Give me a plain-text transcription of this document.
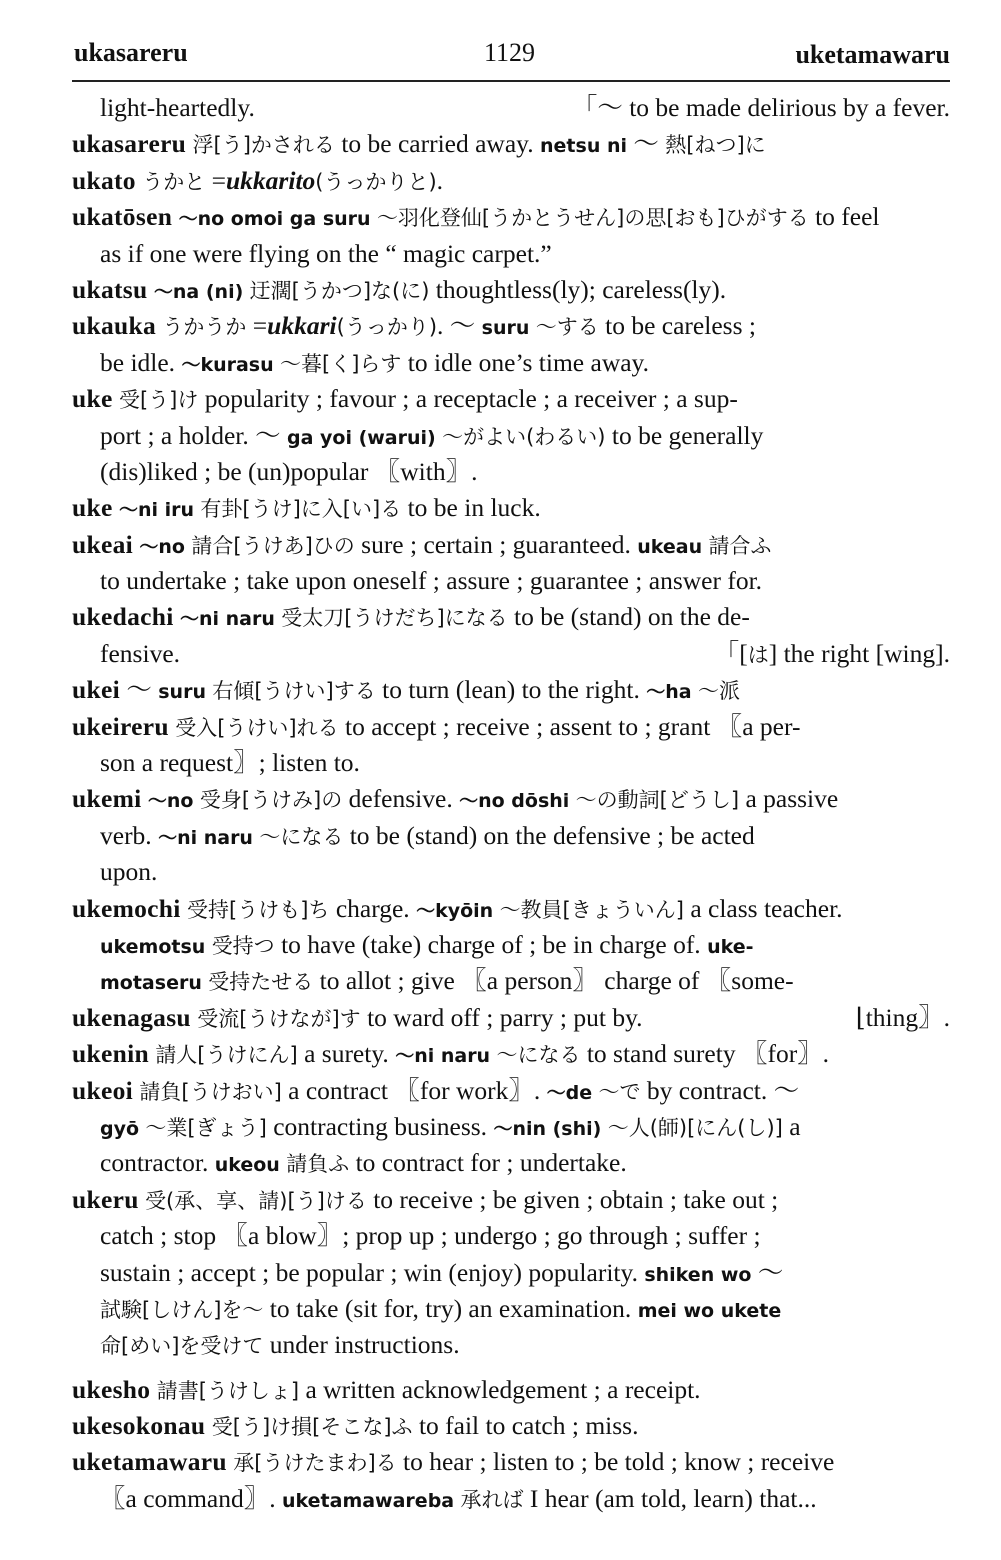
ukasareru	1129	uketamawaru
light-heartedly.	「〜 to be made delirious by a fever.
ukasareru 浮[う]かされる to be carried away. netsu ni 〜 熱[ねつ]に
ukato うかと =ukkarito(うっかりと).
ukatōsen 〜no omoi ga suru 〜羽化登仙[うかとうせん]の思[おも]ひがする to feel
as if one were flying on the “ magic carpet.”
ukatsu 〜na (ni) 迂濶[うかつ]な(に) thoughtless(ly); careless(ly).
ukauka うかうか =ukkari(うっかり). 〜 suru 〜する to be careless ;
be idle. 〜kurasu 〜暮[く]らす to idle one’s time away.
uke 受[う]け popularity ; favour ; a receptacle ; a receiver ; a sup-
port ; a holder. 〜 ga yoi (warui) 〜がよい(わるい) to be generally
(dis)liked ; be (un)popular 〖with〗.
uke 〜ni iru 有卦[うけ]に入[い]る to be in luck.
ukeai 〜no 請合[うけあ]ひの sure ; certain ; guaranteed. ukeau 請合ふ
to undertake ; take upon oneself ; assure ; guarantee ; answer for.
ukedachi 〜ni naru 受太刀[うけだち]になる to be (stand) on the de-
fensive.	「[は] the right [wing].
ukei 〜 suru 右傾[うけい]する to turn (lean) to the right. 〜ha 〜派
ukeireru 受入[うけい]れる to accept ; receive ; assent to ; grant 〖a per-
son a request〗; listen to.
ukemi 〜no 受身[うけみ]の defensive. 〜no dōshi 〜の動詞[どうし] a passive
verb. 〜ni naru 〜になる to be (stand) on the defensive ; be acted
upon.
ukemochi 受持[うけも]ち charge. 〜kyōin 〜教員[きょういん] a class teacher.
ukemotsu 受持つ to have (take) charge of ; be in charge of. uke-
motaseru 受持たせる to allot ; give 〖a person〗 charge of 〖some-
ukenagasu 受流[うけなが]す to ward off ; parry ; put by.	⌊thing〗.
ukenin 請人[うけにん] a surety. 〜ni naru 〜になる to stand surety 〖for〗.
ukeoi 請負[うけおい] a contract 〖for work〗. 〜de 〜で by contract. 〜
gyō 〜業[ぎょう] contracting business. 〜nin (shi) 〜人(師)[にん(し)] a
contractor. ukeou 請負ふ to contract for ; undertake.
ukeru 受(承、享、請)[う]ける to receive ; be given ; obtain ; take out ;
catch ; stop 〖a blow〗; prop up ; undergo ; go through ; suffer ;
sustain ; accept ; be popular ; win (enjoy) popularity. shiken wo 〜
試験[しけん]を〜 to take (sit for, try) an examination. mei wo ukete
命[めい]を受けて under instructions.
ukesho 請書[うけしょ] a written acknowledgement ; a receipt.
ukesokonau 受[う]け損[そこな]ふ to fail to catch ; miss.
uketamawaru 承[うけたまわ]る to hear ; listen to ; be told ; know ; receive
〖a command〗. uketamawareba 承れば I hear (am told, learn) that...
